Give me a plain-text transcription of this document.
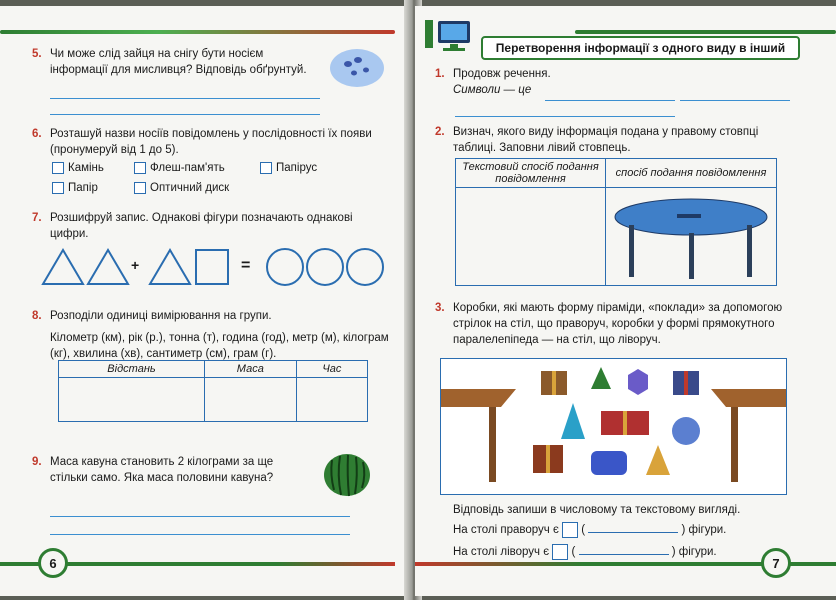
5. Чи може слід зайця на снігу бути носієм інформації для мисливця? Відповідь обґрунтуй.
6. Розташуй назви носіїв повідомлень у послідовності їх появи (пронумеруй від 1 до 5).
Камінь	Флеш-пам'ять	Папірус
Папір	Оптичний диск
7. Розшифруй запис. Однакові фігури позначають однакові цифри.
+	=
8. Розподіли одиниці вимірювання на групи.
Кілометр (км), рік (р.), тонна (т), година (год), метр (м), кілограм (кг), хвилина (хв), сантиметр (см), грам (г).
Відстань	Маса	Час

9. Маса кавуна становить 2 кілограми за ще стільки само. Яка маса половини кавуна?
6
Перетворення інформації з одного виду в інший
1. Продовж речення.
Символи — це
2. Визнач, якого виду інформація подана у правому стовпці таблиці. Заповни лівий стовпець.
Текстовий спосіб подання повідомлення	спосіб подання повідомлення

3. Коробки, які мають форму піраміди, «поклади» за допомогою стрілок на стіл, що праворуч, коробки у формі прямокутного паралелепіпеда — на стіл, що ліворуч.
Відповідь запиши в числовому та текстовому вигляді.
На столі праворуч є  (	) фігури.
На столі ліворуч є  (	) фігури.
7
